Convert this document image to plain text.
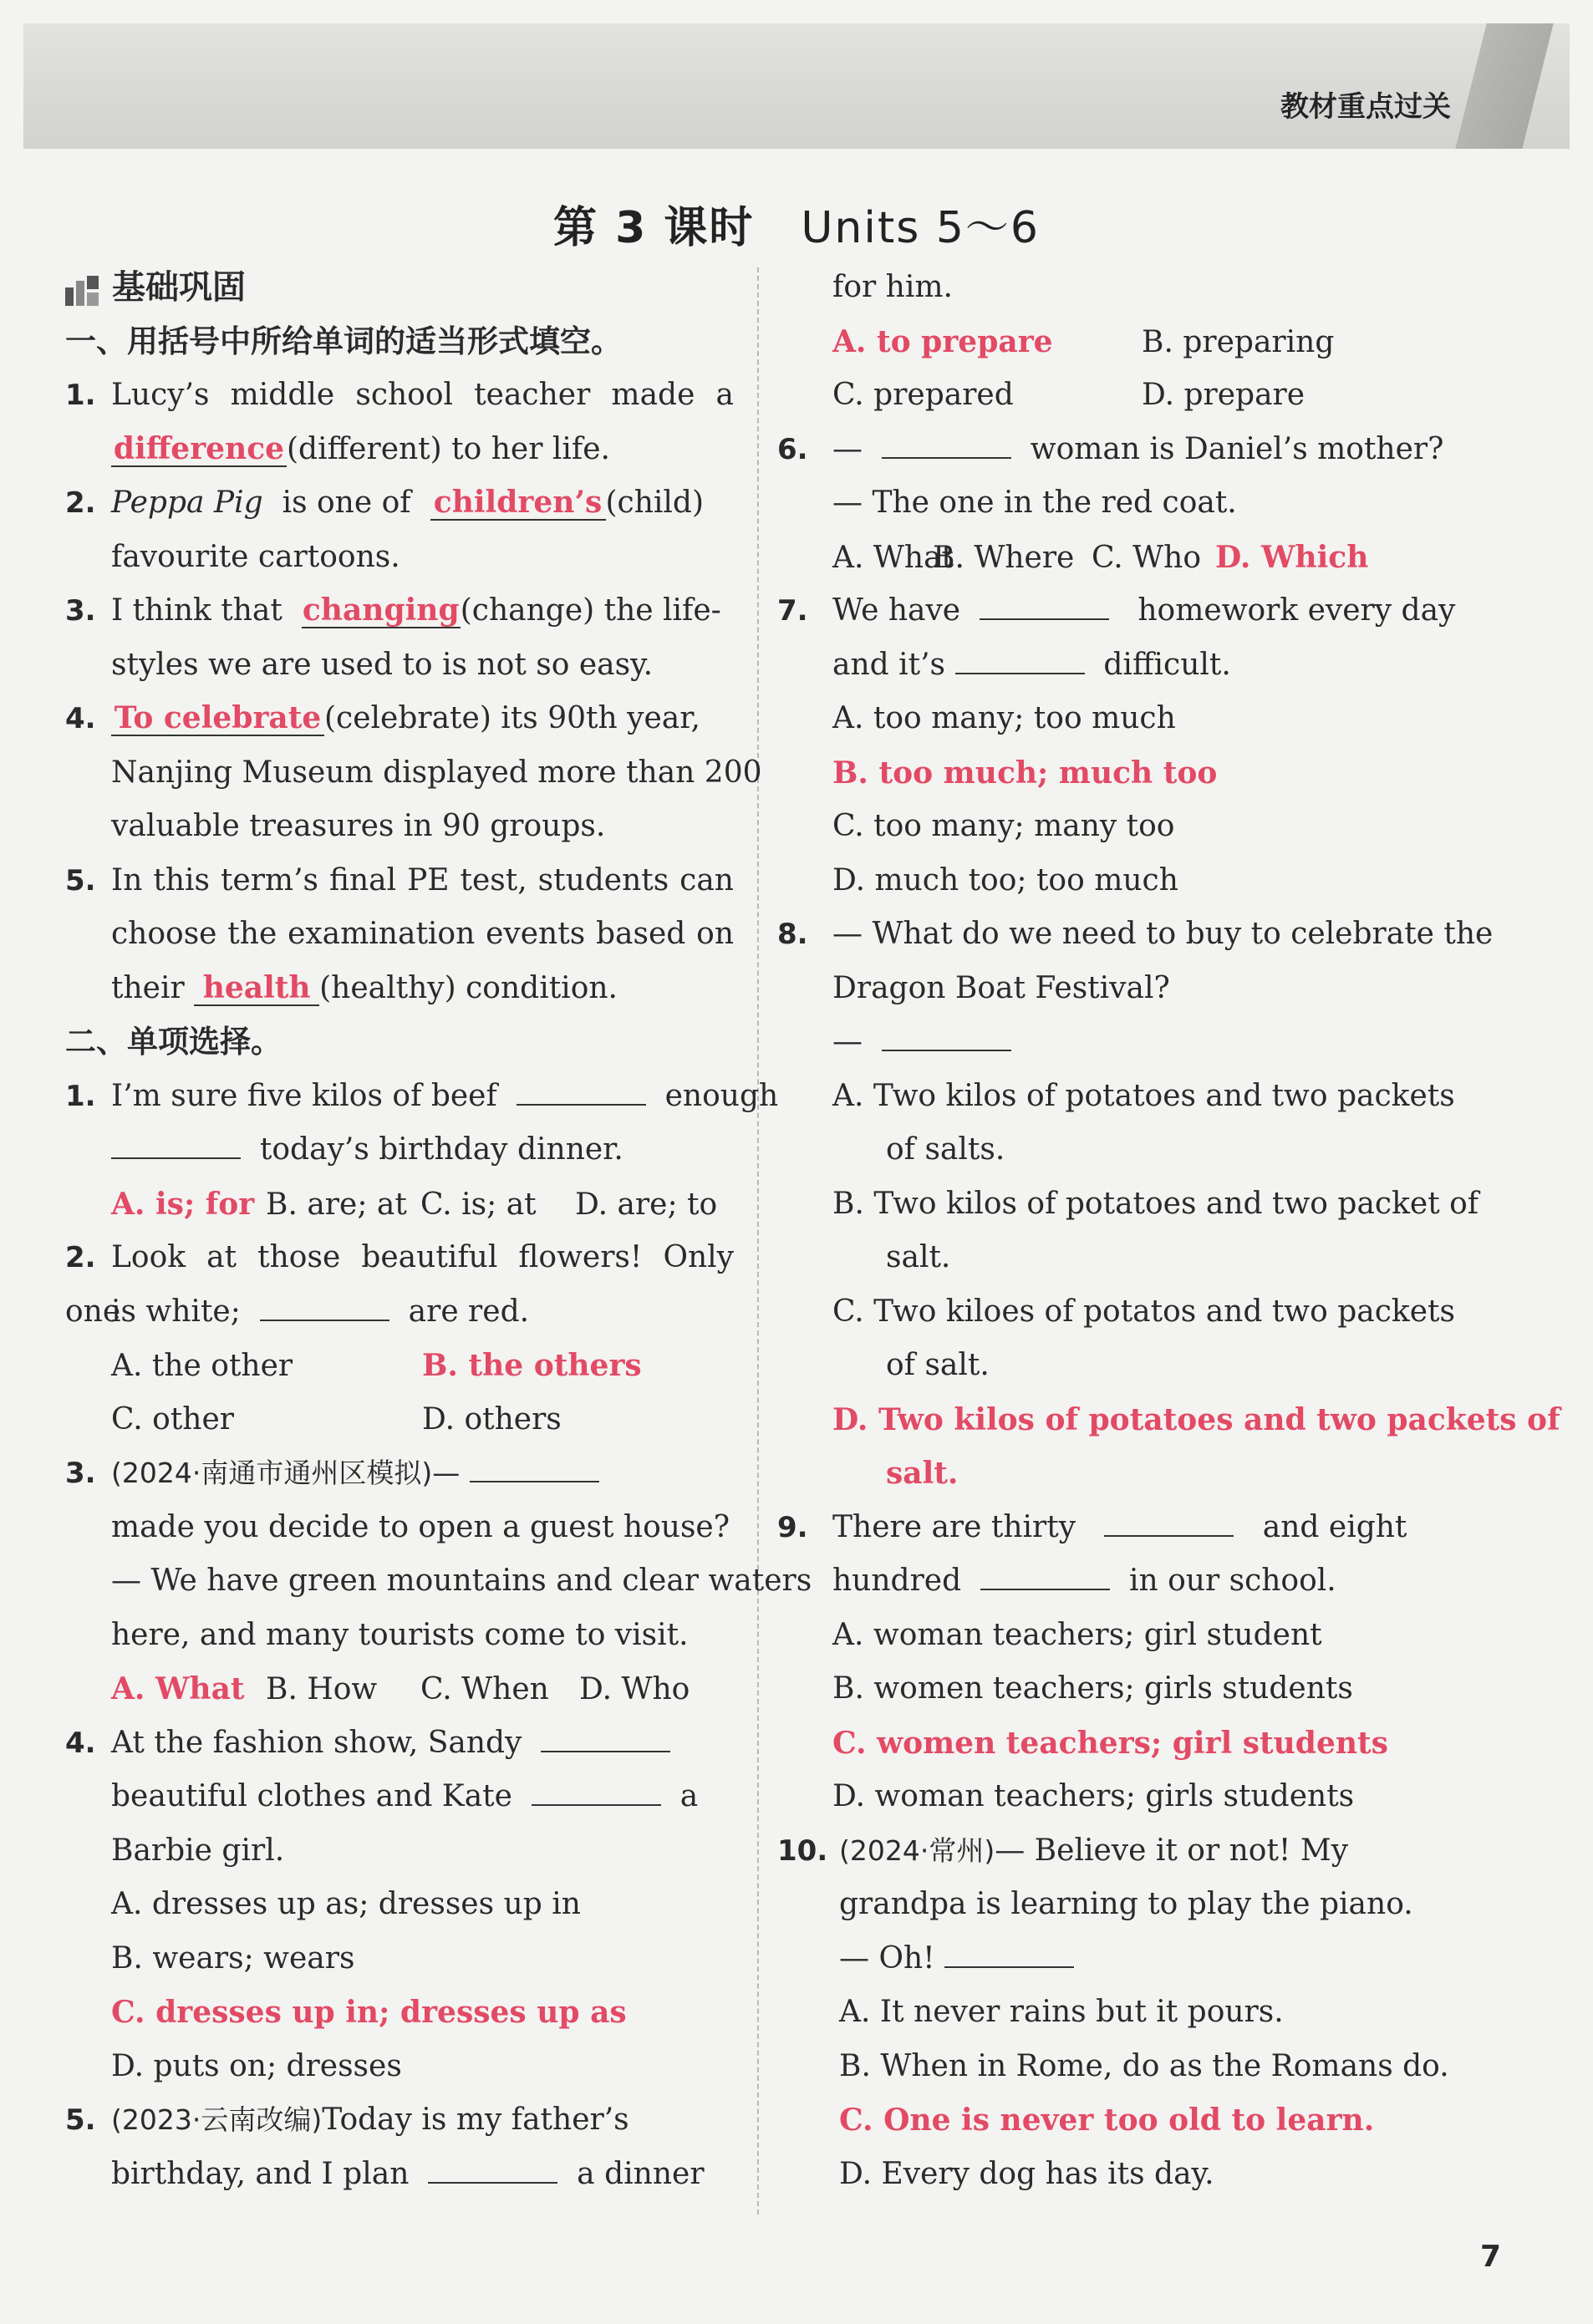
教材重点过关
第 3 课时 Units 5～6
基础巩固
一、用括号中所给单词的适当形式填空。
1. Lucy’s middle school teacher made a
difference(different) to her life.
2. Peppa Pig is one of children’s (child)
favourite cartoons.
3. I think that changing(change) the life-
styles we are used to is not so easy.
4. To celebrate (celebrate) its 90th year,
Nanjing Museum displayed more than 200
valuable treasures in 90 groups.
5. In this term’s final PE test, students can
choose the examination events based on
their health (healthy) condition.
二、单项选择。
1. I’m sure five kilos of beef	enough
today’s birthday dinner.
A. is; for B. are; at C. is; at D. are; to
2. Look at those beautiful flowers! Only one
is white;	are red.
A. the other	B. the others
C. other	D. others
3. (2024·南通市通州区模拟)—
made you decide to open a guest house?
— We have green mountains and clear waters
here, and many tourists come to visit.
A. What B. How C. When D. Who
4. At the fashion show, Sandy
beautiful clothes and Kate	a
Barbie girl.
A. dresses up as; dresses up in
B. wears; wears
C. dresses up in; dresses up as
D. puts on; dresses
5. (2023·云南改编)Today is my father’s
birthday, and I plan	a dinner
for him.
A. to prepare	B. preparing
C. prepared	D. prepare
6. —	woman is Daniel’s mother?
— The one in the red coat.
A. WhatB. Where C. Who D. Which
7. We have	homework every day
and it’s	difficult.
A. too many; too much
B. too much; much too
C. too many; many too
D. much too; too much
8. — What do we need to buy to celebrate the
Dragon Boat Festival?
—
A. Two kilos of potatoes and two packets
of salts.
B. Two kilos of potatoes and two packet of
salt.
C. Two kiloes of potatos and two packets
of salt.
D. Two kilos of potatoes and two packets of
salt.
9. There are thirty	and eight
hundred	in our school.
A. woman teachers; girl student
B. women teachers; girls students
C. women teachers; girl students
D. woman teachers; girls students
10. (2024·常州)— Believe it or not! My
grandpa is learning to play the piano.
— Oh!
A. It never rains but it pours.
B. When in Rome, do as the Romans do.
C. One is never too old to learn.
D. Every dog has its day.
7
